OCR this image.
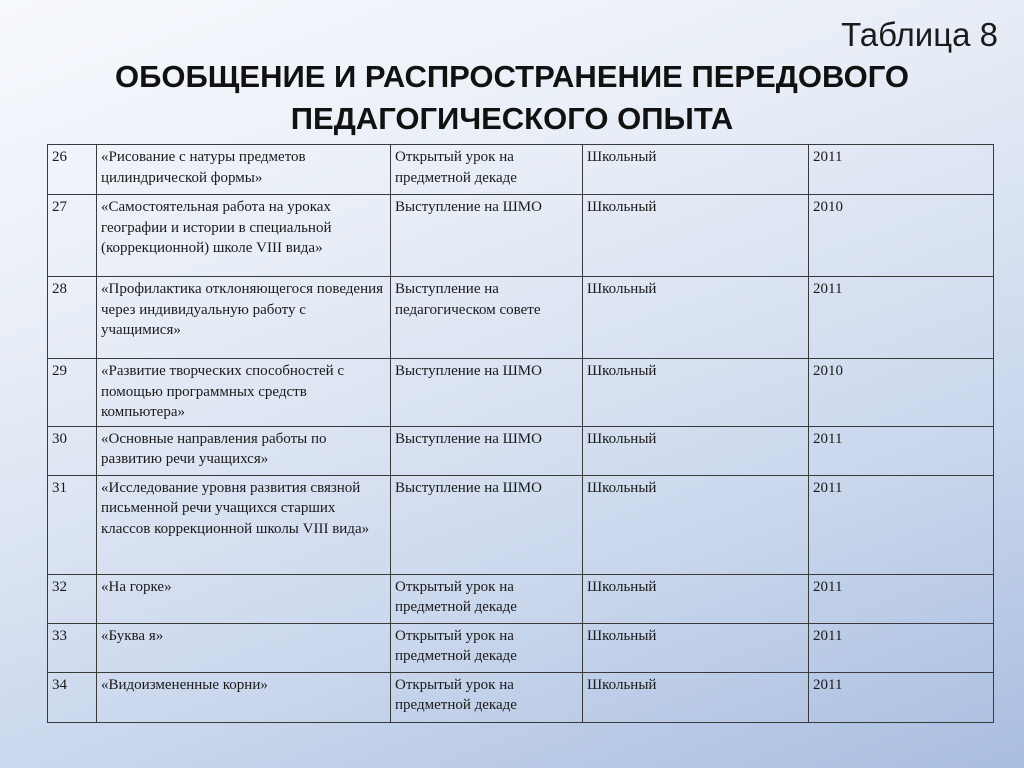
Таблица 8
ОБОБЩЕНИЕ И РАСПРОСТРАНЕНИЕ ПЕРЕДОВОГО
ПЕДАГОГИЧЕСКОГО ОПЫТА
26	«Рисование с натуры предметов цилиндрической формы»	Открытый урок на предметной декаде	Школьный	2011
27	«Самостоятельная работа на уроках географии и истории в специальной (коррекционной) школе VIII вида»	Выступление на ШМО	Школьный	2010
28	«Профилактика отклоняющегося поведения через индивидуальную работу с учащимися»	Выступление на педагогическом совете	Школьный	2011
29	«Развитие творческих способностей с помощью программных средств компьютера»	Выступление на ШМО	Школьный	2010
30	«Основные направления работы по развитию речи учащихся»	Выступление на ШМО	Школьный	2011
31	«Исследование уровня развития связной письменной речи учащихся старших классов коррекционной школы VIII вида»	Выступление на ШМО	Школьный	2011
32	«На горке»	Открытый урок на предметной декаде	Школьный	2011
33	«Буква я»	Открытый урок на предметной декаде	Школьный	2011
34	«Видоизмененные корни»	Открытый урок на предметной декаде	Школьный	2011
